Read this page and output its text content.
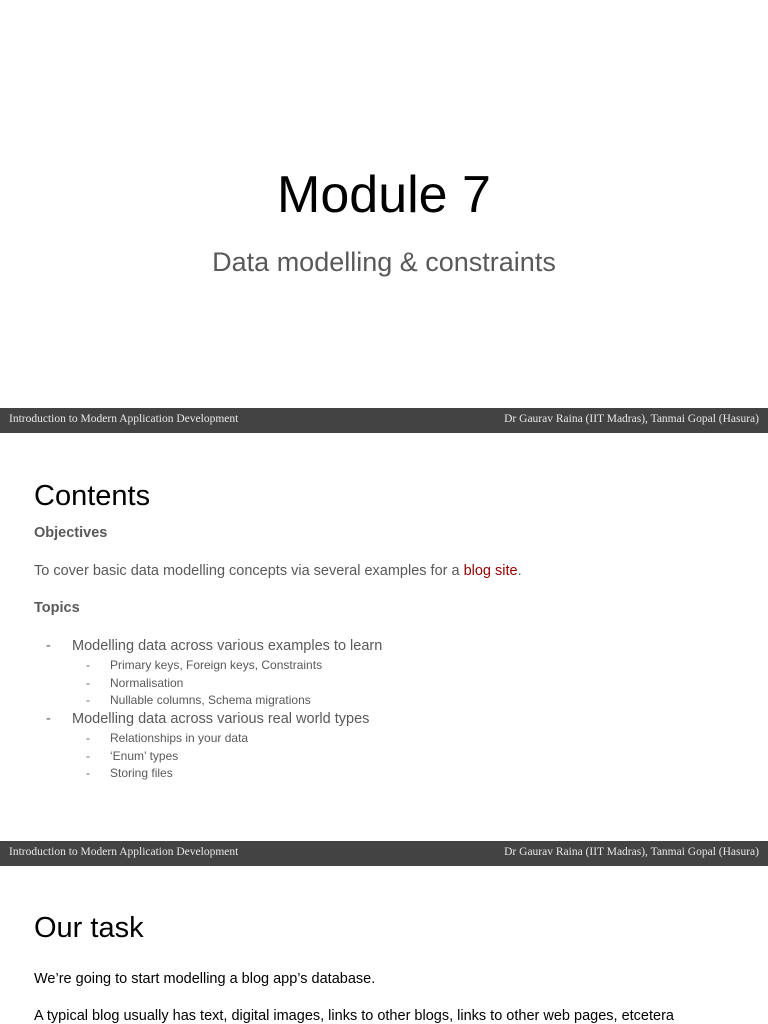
Module 7
Data modelling & constraints
Introduction to Modern Application Development	Dr Gaurav Raina (IIT Madras), Tanmai Gopal (Hasura)
Contents
Objectives
To cover basic data modelling concepts via several examples for a blog site.
Topics
- Modelling data across various examples to learn
- Primary keys, Foreign keys, Constraints
- Normalisation
- Nullable columns, Schema migrations
- Modelling data across various real world types
- Relationships in your data
- ‘Enum’ types
- Storing files
Introduction to Modern Application Development	Dr Gaurav Raina (IIT Madras), Tanmai Gopal (Hasura)
Our task
We’re going to start modelling a blog app’s database.
A typical blog usually has text, digital images, links to other blogs, links to other web pages, etcetera
